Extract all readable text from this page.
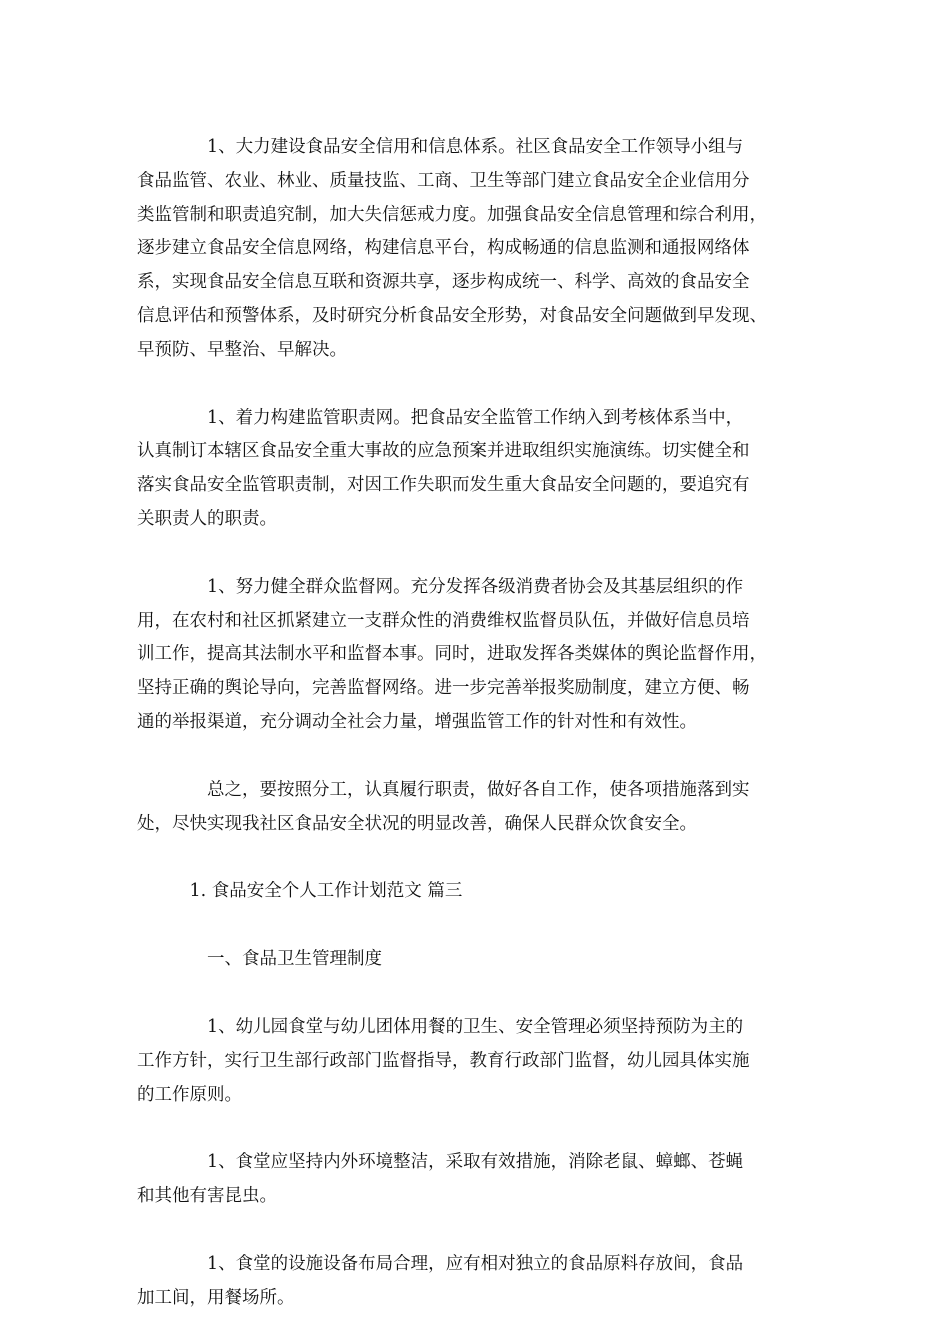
　　　　1、大力建设食品安全信用和信息体系。社区食品安全工作领导小组与
食品监管、农业、林业、质量技监、工商、卫生等部门建立食品安全企业信用分
类监管制和职责追究制，加大失信惩戒力度。加强食品安全信息管理和综合利用，
逐步建立食品安全信息网络，构建信息平台，构成畅通的信息监测和通报网络体
系，实现食品安全信息互联和资源共享，逐步构成统一、科学、高效的食品安全
信息评估和预警体系，及时研究分析食品安全形势，对食品安全问题做到早发现、
早预防、早整治、早解决。

　　　　1、着力构建监管职责网。把食品安全监管工作纳入到考核体系当中，
认真制订本辖区食品安全重大事故的应急预案并进取组织实施演练。切实健全和
落实食品安全监管职责制，对因工作失职而发生重大食品安全问题的，要追究有
关职责人的职责。

　　　　1、努力健全群众监督网。充分发挥各级消费者协会及其基层组织的作
用，在农村和社区抓紧建立一支群众性的消费维权监督员队伍，并做好信息员培
训工作，提高其法制水平和监督本事。同时，进取发挥各类媒体的舆论监督作用，
坚持正确的舆论导向，完善监督网络。进一步完善举报奖励制度，建立方便、畅
通的举报渠道，充分调动全社会力量，增强监管工作的针对性和有效性。

　　　　总之，要按照分工，认真履行职责，做好各自工作，使各项措施落到实
处，尽快实现我社区食品安全状况的明显改善，确保人民群众饮食安全。

　　　1. 食品安全个人工作计划范文 篇三

　　　　一、食品卫生管理制度

　　　　1、幼儿园食堂与幼儿团体用餐的卫生、安全管理必须坚持预防为主的
工作方针，实行卫生部行政部门监督指导，教育行政部门监督，幼儿园具体实施
的工作原则。

　　　　1、食堂应坚持内外环境整洁，采取有效措施，消除老鼠、蟑螂、苍蝇
和其他有害昆虫。

　　　　1、食堂的设施设备布局合理，应有相对独立的食品原料存放间，食品
加工间，用餐场所。
